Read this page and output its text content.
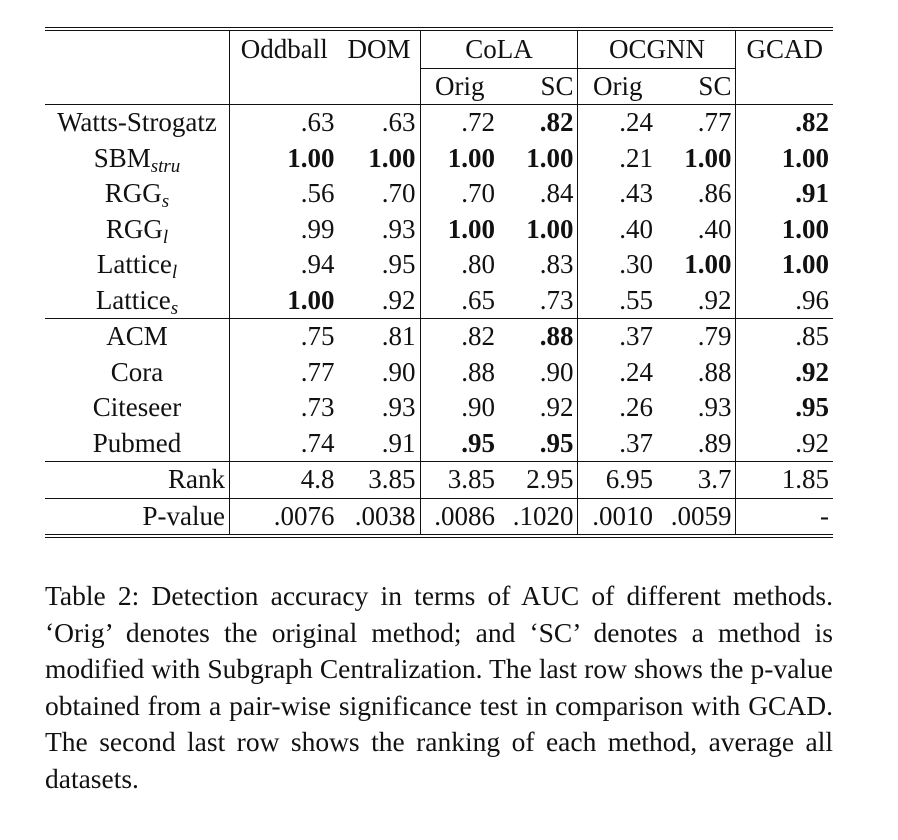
	Oddball	DOM	CoLA		OCGNN		GCAD
			Orig	SC	Orig	SC	
Watts-Strogatz	.63	.63	.72	.82	.24	.77	.82
$SBM_{stru}$	1.00	1.00	1.00	1.00	.21	1.00	1.00
$RGG_s$	.56	.70	.70	.84	.43	.86	.91
$RGG_l$	.99	.93	1.00	1.00	.40	.40	1.00
Lattice$_l$	.94	.95	.80	.83	.30	1.00	1.00
Lattice$_s$	1.00	.92	.65	.73	.55	.92	.96
ACM	.75	.81	.82	.88	.37	.79	.85
Cora	.77	.90	.88	.90	.24	.88	.92
Citeseer	.73	.93	.90	.92	.26	.93	.95
Pubmed	.74	.91	.95	.95	.37	.89	.92
Rank	4.8	3.85	3.85	2.95	6.95	3.7	1.85
P-value	.0076	.0038	.0086	.1020	.0010	.0059	-
Table 2: Detection accuracy in terms of AUC of different methods. ‘Orig’ denotes the original method; and ‘SC’ denotes a method is modified with Subgraph Centralization. The last row shows the p-value obtained from a pair-wise significance test in comparison with GCAD. The second last row shows the ranking of each method, average all datasets.
